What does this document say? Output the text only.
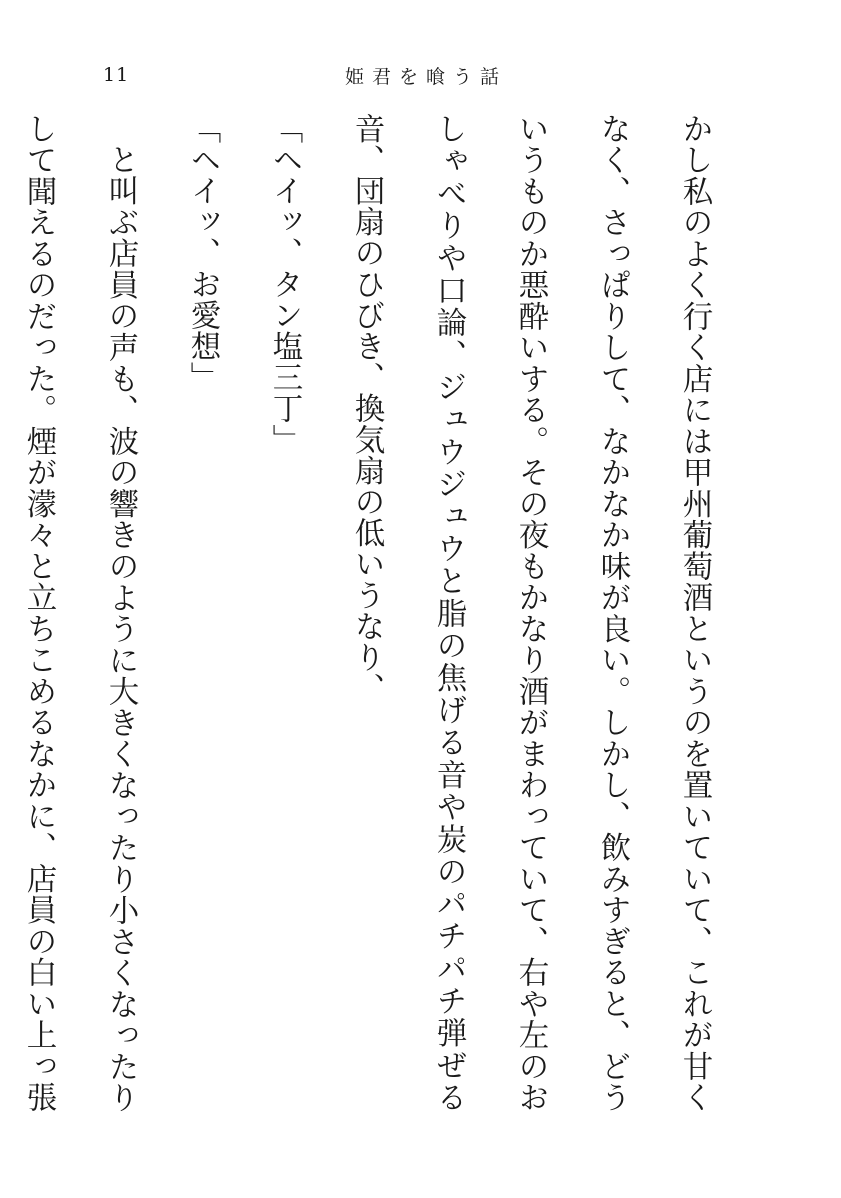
11	姫君を喰う話

かし私のよく行く店には甲州葡萄酒というのを置いていて、これが甘くなく、さっぱりして、なかなか味が良い。しかし、飲みすぎると、どういうものか悪酔いする。その夜もかなり酒がまわっていて、右や左のおしゃべりや口論、ジュウジュウと脂の焦げる音や炭のパチパチ弾ぜる音、団扇のひびき、換気扇の低いうなり、

「ヘイッ、タン塩三丁」

「ヘイッ、お愛想」

と叫ぶ店員の声も、波の響きのように大きくなったり小さくなったりして聞えるのだった。煙が濛々と立ちこめるなかに、店員の白い上っ張
